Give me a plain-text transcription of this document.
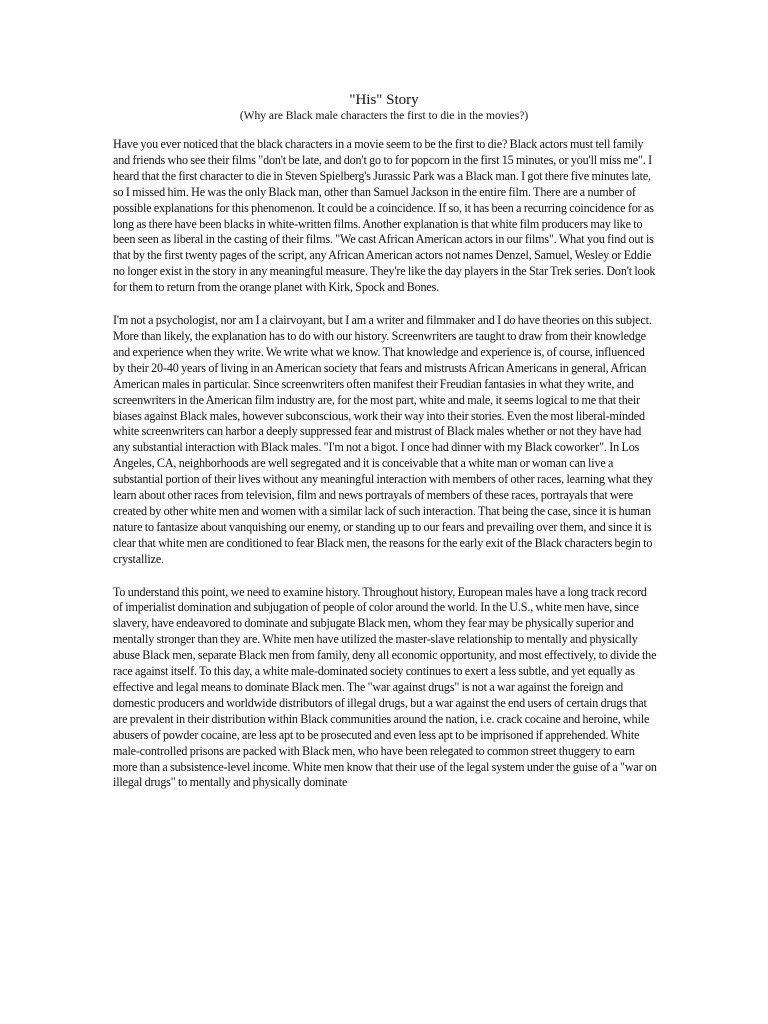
"His" Story

(Why are Black male characters the first to die in the movies?)

Have you ever noticed that the black characters in a movie seem to be the first to die? Black actors must tell family and friends who see their films "don't be late, and don't go to for popcorn in the first 15 minutes, or you'll miss me". I heard that the first character to die in Steven Spielberg's Jurassic Park was a Black man. I got there five minutes late, so I missed him. He was the only Black man, other than Samuel Jackson in the entire film. There are a number of possible explanations for this phenomenon. It could be a coincidence. If so, it has been a recurring coincidence for as long as there have been blacks in white-written films. Another explanation is that white film producers may like to been seen as liberal in the casting of their films. "We cast African American actors in our films". What you find out is that by the first twenty pages of the script, any African American actors not names Denzel, Samuel, Wesley or Eddie no longer exist in the story in any meaningful measure. They're like the day players in the Star Trek series. Don't look for them to return from the orange planet with Kirk, Spock and Bones.

I'm not a psychologist, nor am I a clairvoyant, but I am a writer and filmmaker and I do have theories on this subject. More than likely, the explanation has to do with our history. Screenwriters are taught to draw from their knowledge and experience when they write. We write what we know. That knowledge and experience is, of course, influenced by their 20-40 years of living in an American society that fears and mistrusts African Americans in general, African American males in particular. Since screenwriters often manifest their Freudian fantasies in what they write, and screenwriters in the American film industry are, for the most part, white and male, it seems logical to me that their biases against Black males, however subconscious, work their way into their stories. Even the most liberal-minded white screenwriters can harbor a deeply suppressed fear and mistrust of Black males whether or not they have had any substantial interaction with Black males. "I'm not a bigot. I once had dinner with my Black coworker". In Los Angeles, CA, neighborhoods are well segregated and it is conceivable that a white man or woman can live a substantial portion of their lives without any meaningful interaction with members of other races, learning what they learn about other races from television, film and news portrayals of members of these races, portrayals that were created by other white men and women with a similar lack of such interaction. That being the case, since it is human nature to fantasize about vanquishing our enemy, or standing up to our fears and prevailing over them, and since it is clear that white men are conditioned to fear Black men, the reasons for the early exit of the Black characters begin to crystallize.

To understand this point, we need to examine history. Throughout history, European males have a long track record of imperialist domination and subjugation of people of color around the world. In the U.S., white men have, since slavery, have endeavored to dominate and subjugate Black men, whom they fear may be physically superior and mentally stronger than they are. White men have utilized the master-slave relationship to mentally and physically abuse Black men, separate Black men from family, deny all economic opportunity, and most effectively, to divide the race against itself. To this day, a white male-dominated society continues to exert a less subtle, and yet equally as effective and legal means to dominate Black men. The "war against drugs" is not a war against the foreign and domestic producers and worldwide distributors of illegal drugs, but a war against the end users of certain drugs that are prevalent in their distribution within Black communities around the nation, i.e. crack cocaine and heroine, while abusers of powder cocaine, are less apt to be prosecuted and even less apt to be imprisoned if apprehended. White male-controlled prisons are packed with Black men, who have been relegated to common street thuggery to earn more than a subsistence-level income. White men know that their use of the legal system under the guise of a "war on illegal drugs" to mentally and physically dominate
